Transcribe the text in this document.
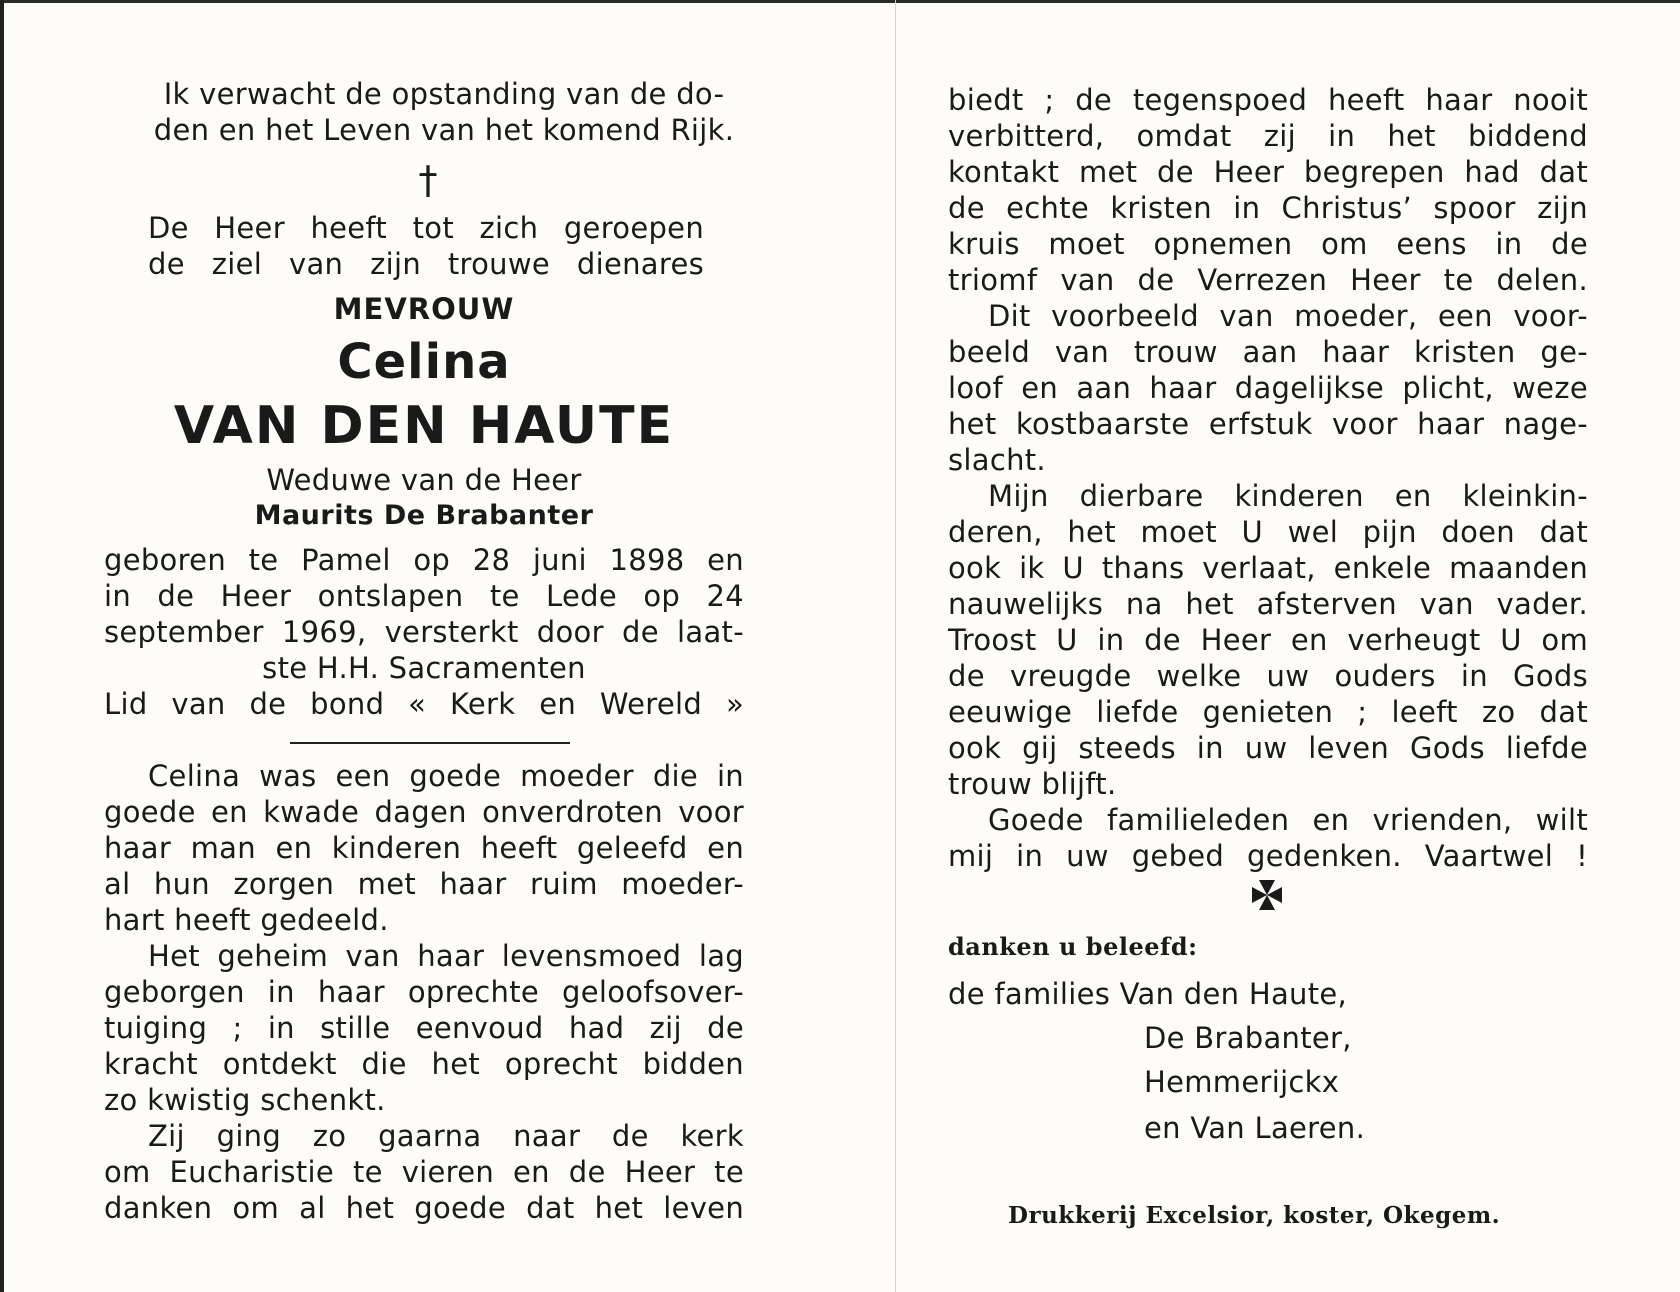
Ik verwacht de opstanding van de do-
den en het Leven van het komend Rijk.
†
De Heer heeft tot zich geroepen
de ziel van zijn trouwe dienares
MEVROUW
Celina
VAN DEN HAUTE
Weduwe van de Heer
Maurits De Brabanter
geboren te Pamel op 28 juni 1898 en
in de Heer ontslapen te Lede op 24
september 1969, versterkt door de laat-
ste H.H. Sacramenten
Lid van de bond « Kerk en Wereld »
Celina was een goede moeder die in
goede en kwade dagen onverdroten voor
haar man en kinderen heeft geleefd en
al hun zorgen met haar ruim moeder-
hart heeft gedeeld.
Het geheim van haar levensmoed lag
geborgen in haar oprechte geloofsover-
tuiging ; in stille eenvoud had zij de
kracht ontdekt die het oprecht bidden
zo kwistig schenkt.
Zij ging zo gaarna naar de kerk
om Eucharistie te vieren en de Heer te
danken om al het goede dat het leven
biedt ; de tegenspoed heeft haar nooit
verbitterd, omdat zij in het biddend
kontakt met de Heer begrepen had dat
de echte kristen in Christus’ spoor zijn
kruis moet opnemen om eens in de
triomf van de Verrezen Heer te delen.
Dit voorbeeld van moeder, een voor-
beeld van trouw aan haar kristen ge-
loof en aan haar dagelijkse plicht, weze
het kostbaarste erfstuk voor haar nage-
slacht.
Mijn dierbare kinderen en kleinkin-
deren, het moet U wel pijn doen dat
ook ik U thans verlaat, enkele maanden
nauwelijks na het afsterven van vader.
Troost U in de Heer en verheugt U om
de vreugde welke uw ouders in Gods
eeuwige liefde genieten ; leeft zo dat
ook gij steeds in uw leven Gods liefde
trouw blijft.
Goede familieleden en vrienden, wilt
mij in uw gebed gedenken. Vaartwel !
danken u beleefd:
de families Van den Haute,
De Brabanter,
Hemmerijckx
en Van Laeren.
Drukkerij Excelsior, koster, Okegem.
